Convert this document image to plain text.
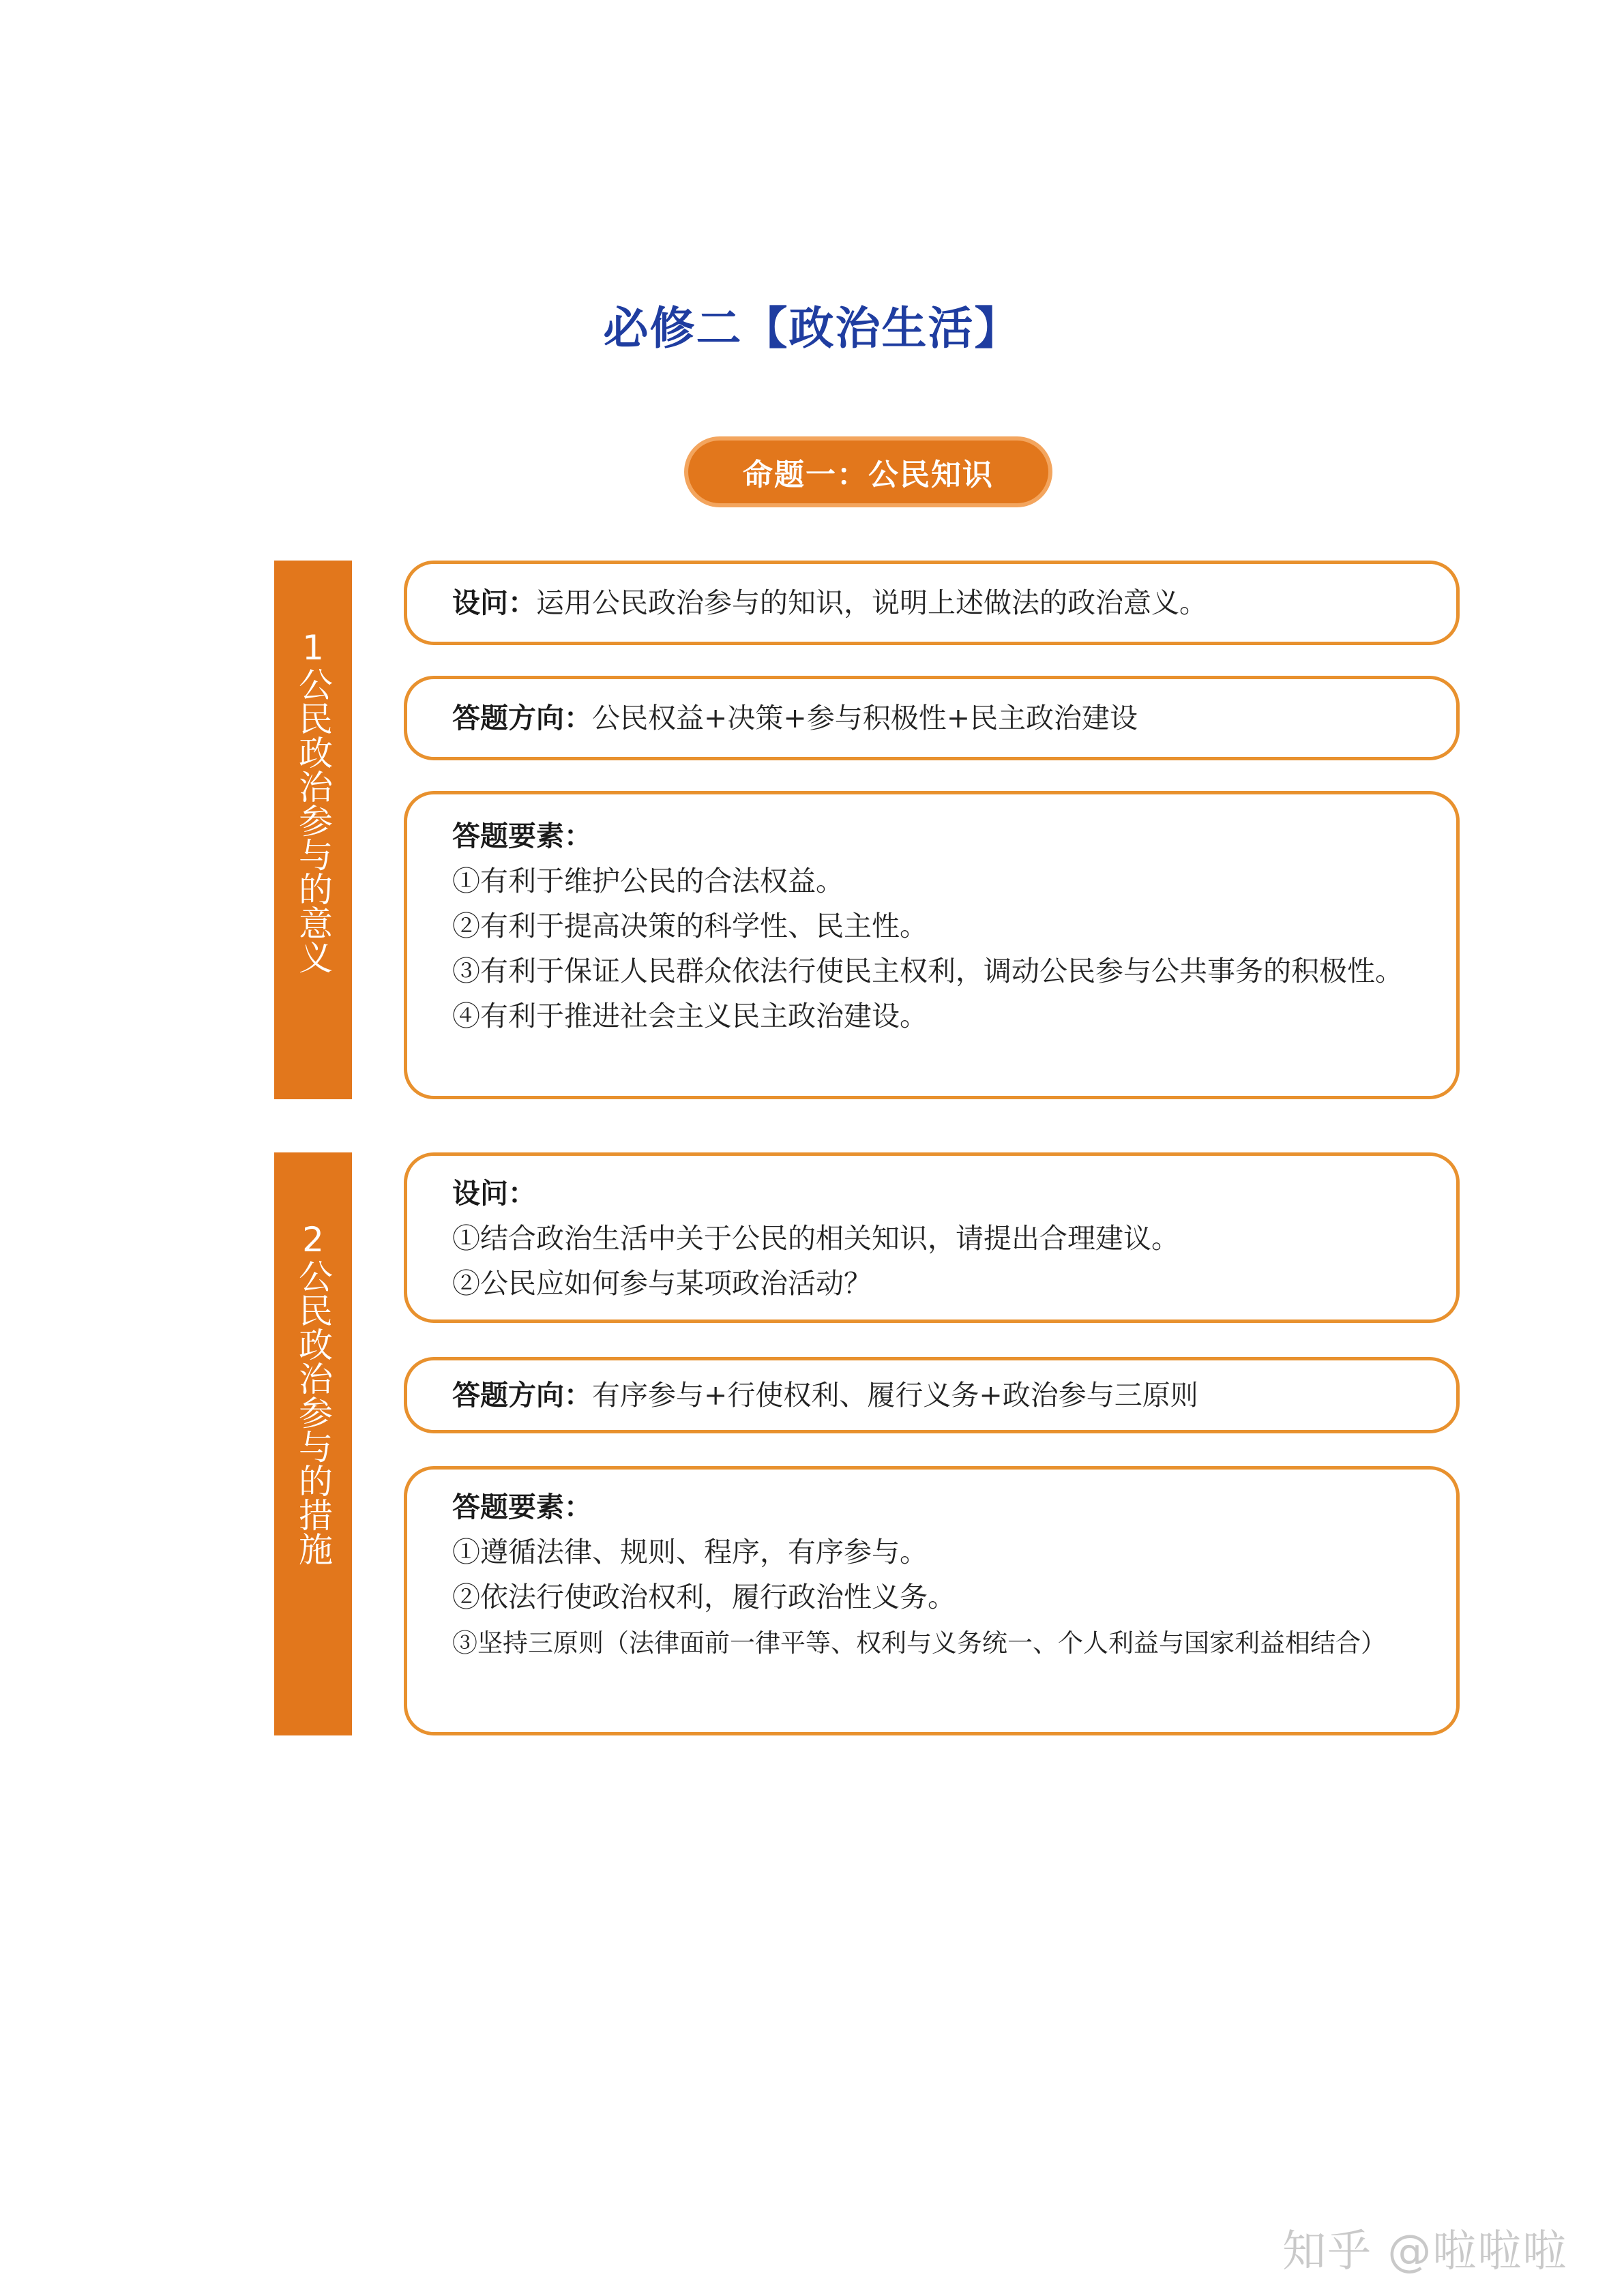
必修二【政治生活】
命题一：公民知识
1
公民政治参与的意义
设问：运用公民政治参与的知识，说明上述做法的政治意义。
答题方向：公民权益+决策+参与积极性+民主政治建设
答题要素：
①有利于维护公民的合法权益。
②有利于提高决策的科学性、民主性。
③有利于保证人民群众依法行使民主权利，调动公民参与公共事务的积极性。
④有利于推进社会主义民主政治建设。
2
公民政治参与的措施
设问：
①结合政治生活中关于公民的相关知识，请提出合理建议。
②公民应如何参与某项政治活动？
答题方向：有序参与+行使权利、履行义务+政治参与三原则
答题要素：
①遵循法律、规则、程序，有序参与。
②依法行使政治权利，履行政治性义务。
③坚持三原则（法律面前一律平等、权利与义务统一、个人利益与国家利益相结合）
知乎 @啦啦啦
